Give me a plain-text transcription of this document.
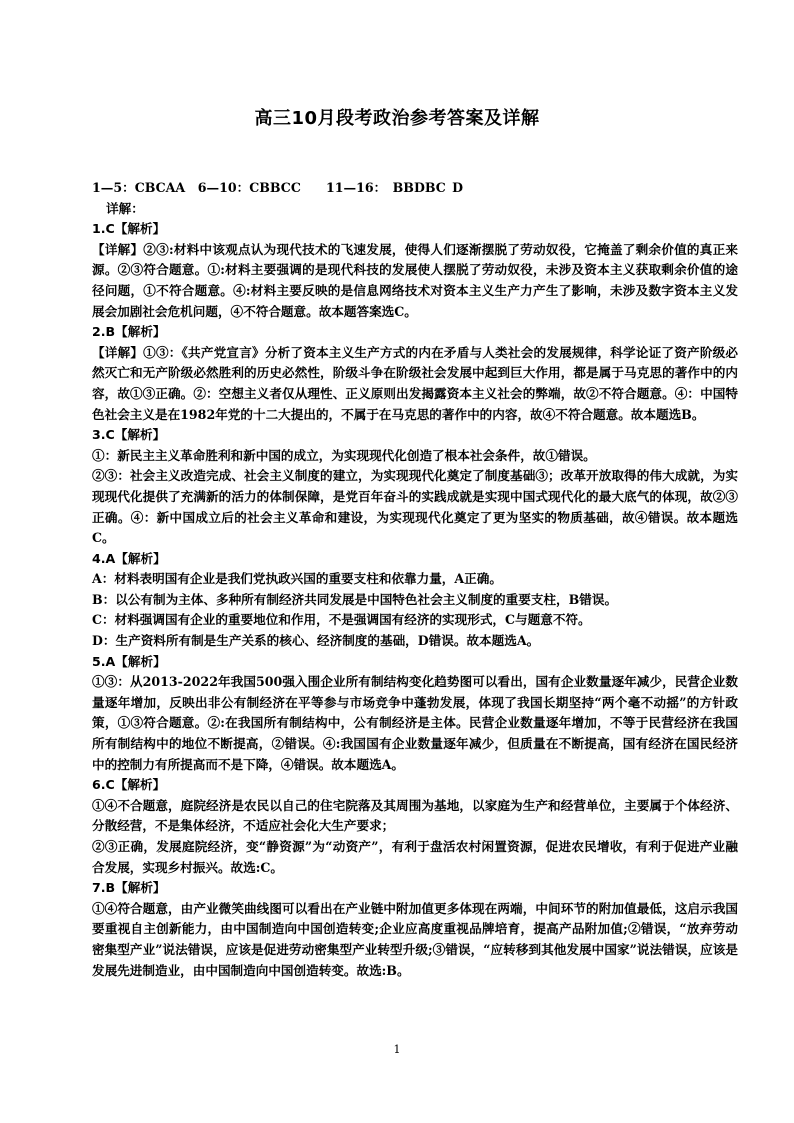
高三10月段考政治参考答案及详解

1—5：CBCAA　6—10：CBBCC　　11—16： BBDBC D

详解：

1.C【解析】

【详解】②③:材料中该观点认为现代技术的飞速发展，使得人们逐渐摆脱了劳动奴役，它掩盖了剩余价值的真正来源。②③符合题意。①:材料主要强调的是现代科技的发展使人摆脱了劳动奴役，未涉及资本主义获取剩余价值的途径问题，①不符合题意。④:材料主要反映的是信息网络技术对资本主义生产力产生了影响，未涉及数字资本主义发展会加剧社会危机问题，④不符合题意。故本题答案选C。

2.B【解析】

【详解】①③：《共产党宣言》分析了资本主义生产方式的内在矛盾与人类社会的发展规律，科学论证了资产阶级必然灭亡和无产阶级必然胜利的历史必然性，阶级斗争在阶级社会发展中起到巨大作用，都是属于马克思的著作中的内容，故①③正确。②：空想主义者仅从理性、正义原则出发揭露资本主义社会的弊端，故②不符合题意。④：中国特色社会主义是在1982年党的十二大提出的，不属于在马克思的著作中的内容，故④不符合题意。故本题选B。

3.C【解析】

①：新民主主义革命胜利和新中国的成立，为实现现代化创造了根本社会条件，故①错误。

②③：社会主义改造完成、社会主义制度的建立，为实现现代化奠定了制度基础③；改革开放取得的伟大成就，为实现现代化提供了充满新的活力的体制保障，是党百年奋斗的实践成就是实现中国式现代化的最大底气的体现，故②③正确。④：新中国成立后的社会主义革命和建设，为实现现代化奠定了更为坚实的物质基础，故④错误。故本题选C。

4.A【解析】

A：材料表明国有企业是我们党执政兴国的重要支柱和依靠力量，A正确。

B：以公有制为主体、多种所有制经济共同发展是中国特色社会主义制度的重要支柱，B错误。

C：材料强调国有企业的重要地位和作用，不是强调国有经济的实现形式，C与题意不符。

D：生产资料所有制是生产关系的核心、经济制度的基础，D错误。故本题选A。

5.A【解析】

①③：从2013-2022年我国500强入围企业所有制结构变化趋势图可以看出，国有企业数量逐年减少，民营企业数量逐年增加，反映出非公有制经济在平等参与市场竞争中蓬勃发展，体现了我国长期坚持“两个毫不动摇”的方针政策，①③符合题意。②:在我国所有制结构中，公有制经济是主体。民营企业数量逐年增加，不等于民营经济在我国所有制结构中的地位不断提高，②错误。④:我国国有企业数量逐年减少，但质量在不断提高，国有经济在国民经济中的控制力有所提高而不是下降，④错误。故本题选A。

6.C【解析】

①④不合题意，庭院经济是农民以自己的住宅院落及其周围为基地，以家庭为生产和经营单位，主要属于个体经济、分散经营，不是集体经济，不适应社会化大生产要求；

②③正确，发展庭院经济，变“静资源”为“动资产”，有利于盘活农村闲置资源，促进农民增收，有利于促进产业融合发展，实现乡村振兴。故选:C。

7.B【解析】

①④符合题意，由产业微笑曲线图可以看出在产业链中附加值更多体现在两端，中间环节的附加值最低，这启示我国要重视自主创新能力，由中国制造向中国创造转变;企业应高度重视品牌培育，提高产品附加值;②错误，“放弃劳动密集型产业”说法错误，应该是促进劳动密集型产业转型升级;③错误，“应转移到其他发展中国家”说法错误，应该是发展先进制造业，由中国制造向中国创造转变。故选:B。

1
